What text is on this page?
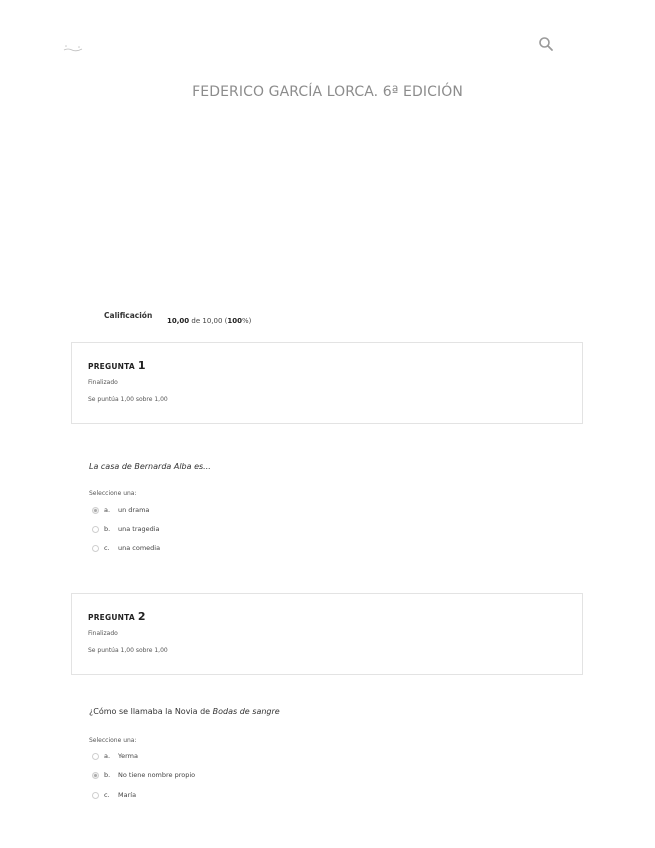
FEDERICO GARCÍA LORCA. 6ª EDICIÓN
Calificación
10,00 de 10,00 (100%)
PREGUNTA 1
Finalizado
Se puntúa 1,00 sobre 1,00
La casa de Bernarda Alba es...
Seleccione una:
a.	un drama
b.	una tragedia
c.	una comedia
PREGUNTA 2
Finalizado
Se puntúa 1,00 sobre 1,00
¿Cómo se llamaba la Novia de Bodas de sangre
Seleccione una:
a.	Yerma
b.	No tiene nombre propio
c.	María
